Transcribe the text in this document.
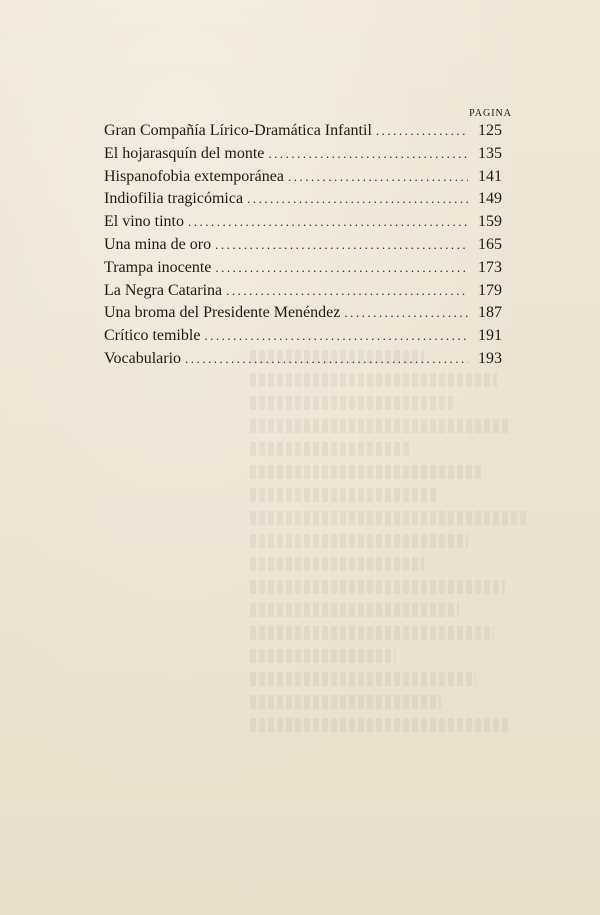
PAGINA
Gran Compañía Lírico-Dramática Infantil .....	125
El hojarasquín del monte .....	135
Hispanofobia extemporánea .....	141
Indiofilia tragicómica .....	149
El vino tinto .....	159
Una mina de oro .....	165
Trampa inocente .....	173
La Negra Catarina .....	179
Una broma del Presidente Menéndez .....	187
Crítico temible .....	191
Vocabulario .....	193
